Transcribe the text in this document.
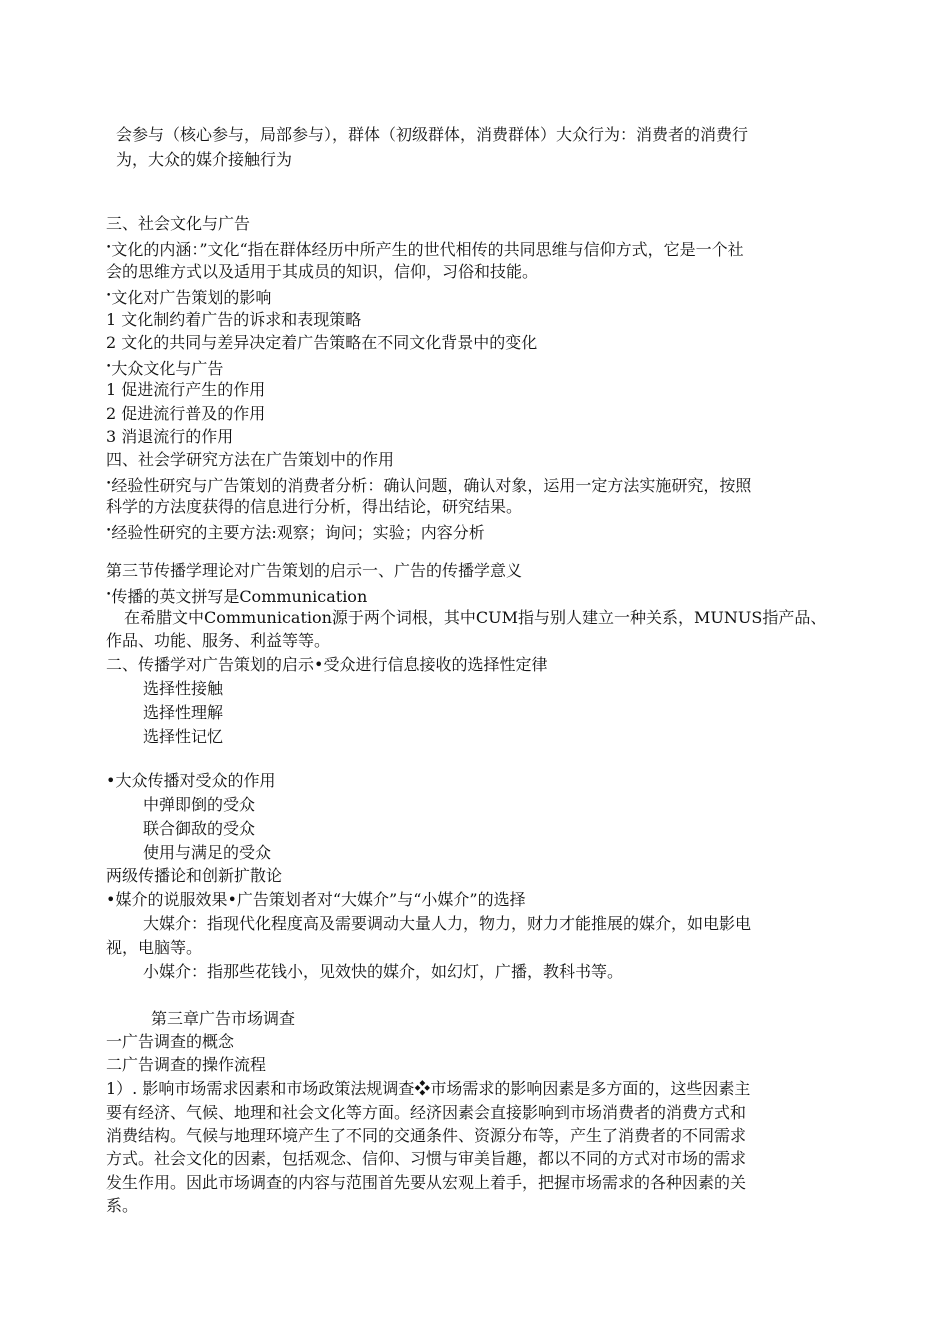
会参与（核心参与，局部参与），群体（初级群体，消费群体）大众行为：消费者的消费行

为，大众的媒介接触行为

三、社会文化与广告

•文化的内涵：”文化“指在群体经历中所产生的世代相传的共同思维与信仰方式，它是一个社

会的思维方式以及适用于其成员的知识，信仰，习俗和技能。

•文化对广告策划的影响

1 文化制约着广告的诉求和表现策略

2 文化的共同与差异决定着广告策略在不同文化背景中的变化

•大众文化与广告

1 促进流行产生的作用

2 促进流行普及的作用

3 消退流行的作用

四、社会学研究方法在广告策划中的作用

•经验性研究与广告策划的消费者分析：确认问题，确认对象，运用一定方法实施研究，按照

科学的方法度获得的信息进行分析，得出结论，研究结果。

•经验性研究的主要方法:观察；询问；实验；内容分析

第三节传播学理论对广告策划的启示一、广告的传播学意义

•传播的英文拼写是Communication

在希腊文中Communication源于两个词根，其中CUM指与别人建立一种关系，MUNUS指产品、

作品、功能、服务、利益等等。

二、传播学对广告策划的启示•受众进行信息接收的选择性定律

选择性接触

选择性理解

选择性记忆

•大众传播对受众的作用

中弹即倒的受众

联合御敌的受众

使用与满足的受众

两级传播论和创新扩散论

•媒介的说服效果•广告策划者对“大媒介”与“小媒介”的选择

大媒介：指现代化程度高及需要调动大量人力，物力，财力才能推展的媒介，如电影电

视，电脑等。

小媒介：指那些花钱小，见效快的媒介，如幻灯，广播，教科书等。

第三章广告市场调查

一广告调查的概念

二广告调查的操作流程

1）. 影响市场需求因素和市场政策法规调查❖市场需求的影响因素是多方面的，这些因素主

要有经济、气候、地理和社会文化等方面。经济因素会直接影响到市场消费者的消费方式和

消费结构。气候与地理环境产生了不同的交通条件、资源分布等，产生了消费者的不同需求

方式。社会文化的因素，包括观念、信仰、习惯与审美旨趣，都以不同的方式对市场的需求

发生作用。因此市场调查的内容与范围首先要从宏观上着手，把握市场需求的各种因素的关

系。
